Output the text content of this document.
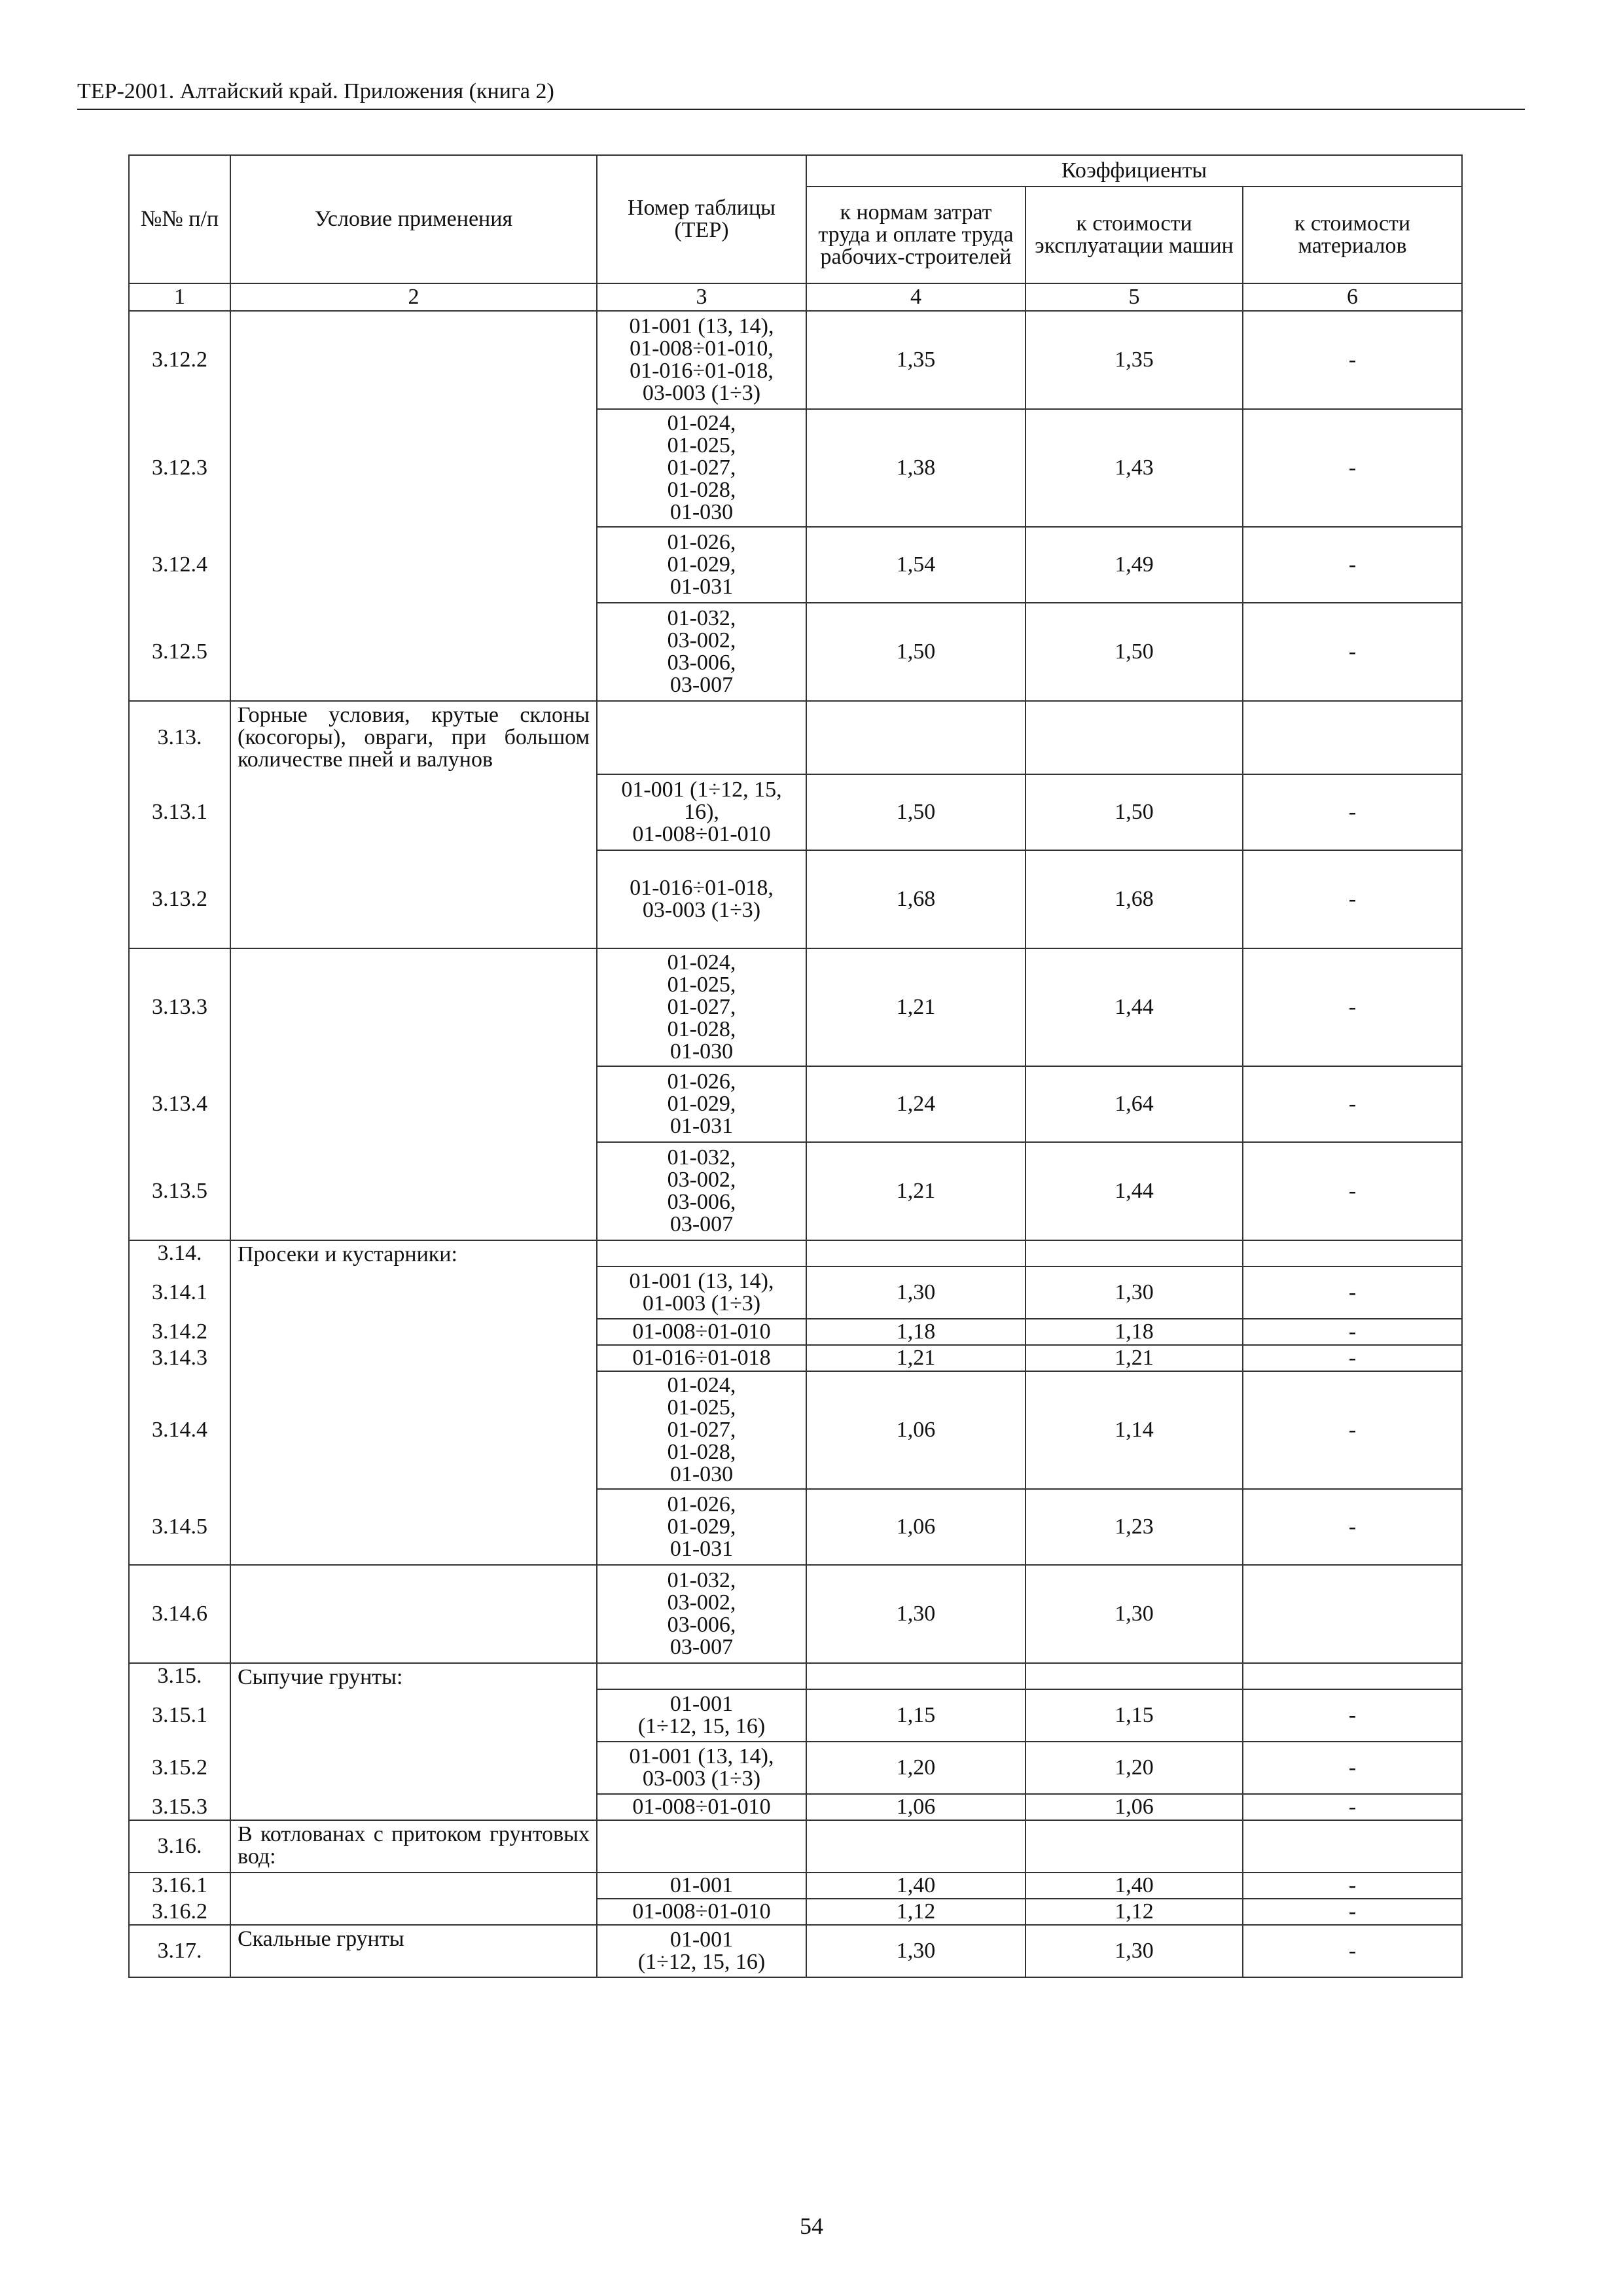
ТЕР-2001. Алтайский край. Приложения (книга 2)
№№ п/п	Условие применения	Номер таблицы (ТЕР)	Коэффициенты		
			к нормам затрат труда и оплате труда рабочих-строителей	к стоимости эксплуатации машин	к стоимости материалов
1	2	3	4	5	6
3.12.2		01-001 (13, 14),
01-008÷01-010,
01-016÷01-018,
03-003 (1÷3)	1,35	1,35	-
3.12.3		01-024,
01-025,
01-027,
01-028,
01-030	1,38	1,43	-
3.12.4		01-026,
01-029,
01-031	1,54	1,49	-
3.12.5		01-032,
03-002,
03-006,
03-007	1,50	1,50	-
3.13.	Горные условия, крутые склоны (косогоры), овраги, при большом количестве пней и валунов				
3.13.1		01-001 (1÷12, 15,
16),
01-008÷01-010	1,50	1,50	-
3.13.2		01-016÷01-018,
03-003 (1÷3)	1,68	1,68	-
3.13.3		01-024,
01-025,
01-027,
01-028,
01-030	1,21	1,44	-
3.13.4		01-026,
01-029,
01-031	1,24	1,64	-
3.13.5		01-032,
03-002,
03-006,
03-007	1,21	1,44	-
3.14.	Просеки и кустарники:				
3.14.1		01-001 (13, 14),
01-003 (1÷3)	1,30	1,30	-
3.14.2		01-008÷01-010	1,18	1,18	-
3.14.3		01-016÷01-018	1,21	1,21	-
3.14.4		01-024,
01-025,
01-027,
01-028,
01-030	1,06	1,14	-
3.14.5		01-026,
01-029,
01-031	1,06	1,23	-
3.14.6		01-032,
03-002,
03-006,
03-007	1,30	1,30	
3.15.	Сыпучие грунты:				
3.15.1		01-001
(1÷12, 15, 16)	1,15	1,15	-
3.15.2		01-001 (13, 14),
03-003 (1÷3)	1,20	1,20	-
3.15.3		01-008÷01-010	1,06	1,06	-
3.16.	В котлованах с притоком грунтовых вод:				
3.16.1		01-001	1,40	1,40	-
3.16.2		01-008÷01-010	1,12	1,12	-
3.17.	Скальные грунты	01-001
(1÷12, 15, 16)	1,30	1,30	-
54
